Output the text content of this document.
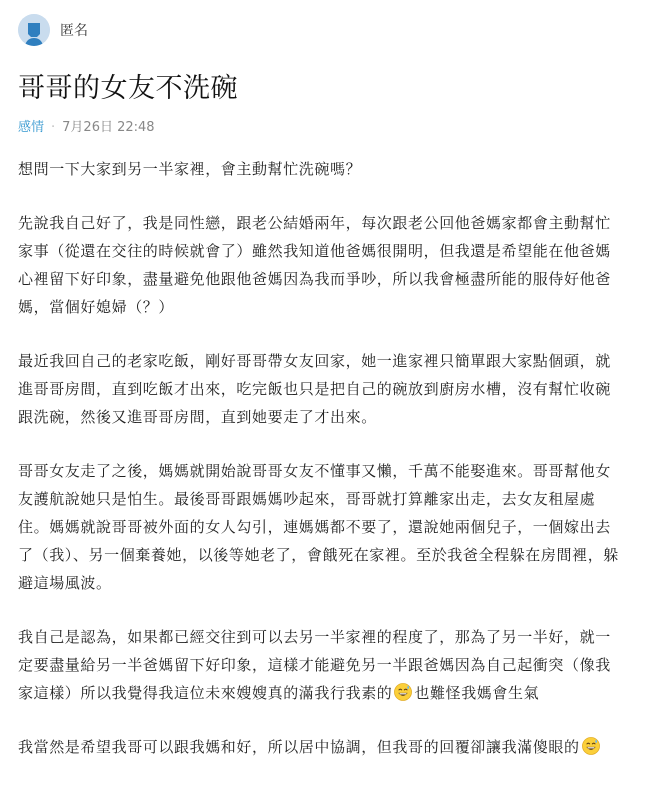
匿名
哥哥的女友不洗碗
感情 · 7月26日 22:48

想問一下大家到另一半家裡，會主動幫忙洗碗嗎？

先說我自己好了，我是同性戀，跟老公結婚兩年，每次跟老公回他爸媽家都會主動幫忙家事（從還在交往的時候就會了）雖然我知道他爸媽很開明，但我還是希望能在他爸媽心裡留下好印象，盡量避免他跟他爸媽因為我而爭吵，所以我會極盡所能的服侍好他爸媽，當個好媳婦（？）

最近我回自己的老家吃飯，剛好哥哥帶女友回家，她一進家裡只簡單跟大家點個頭，就進哥哥房間，直到吃飯才出來，吃完飯也只是把自己的碗放到廚房水槽，沒有幫忙收碗跟洗碗，然後又進哥哥房間，直到她要走了才出來。

哥哥女友走了之後，媽媽就開始說哥哥女友不懂事又懶，千萬不能娶進來。哥哥幫他女友護航說她只是怕生。最後哥哥跟媽媽吵起來，哥哥就打算離家出走，去女友租屋處住。媽媽就說哥哥被外面的女人勾引，連媽媽都不要了，還說她兩個兒子，一個嫁出去了（我）、另一個棄養她，以後等她老了，會餓死在家裡。至於我爸全程躲在房間裡，躲避這場風波。

我自己是認為，如果都已經交往到可以去另一半家裡的程度了，那為了另一半好，就一定要盡量給另一半爸媽留下好印象，這樣才能避免另一半跟爸媽因為自己起衝突（像我家這樣）所以我覺得我這位未來嫂嫂真的滿我行我素的 也難怪我媽會生氣

我當然是希望我哥可以跟我媽和好，所以居中協調，但我哥的回覆卻讓我滿傻眼的
